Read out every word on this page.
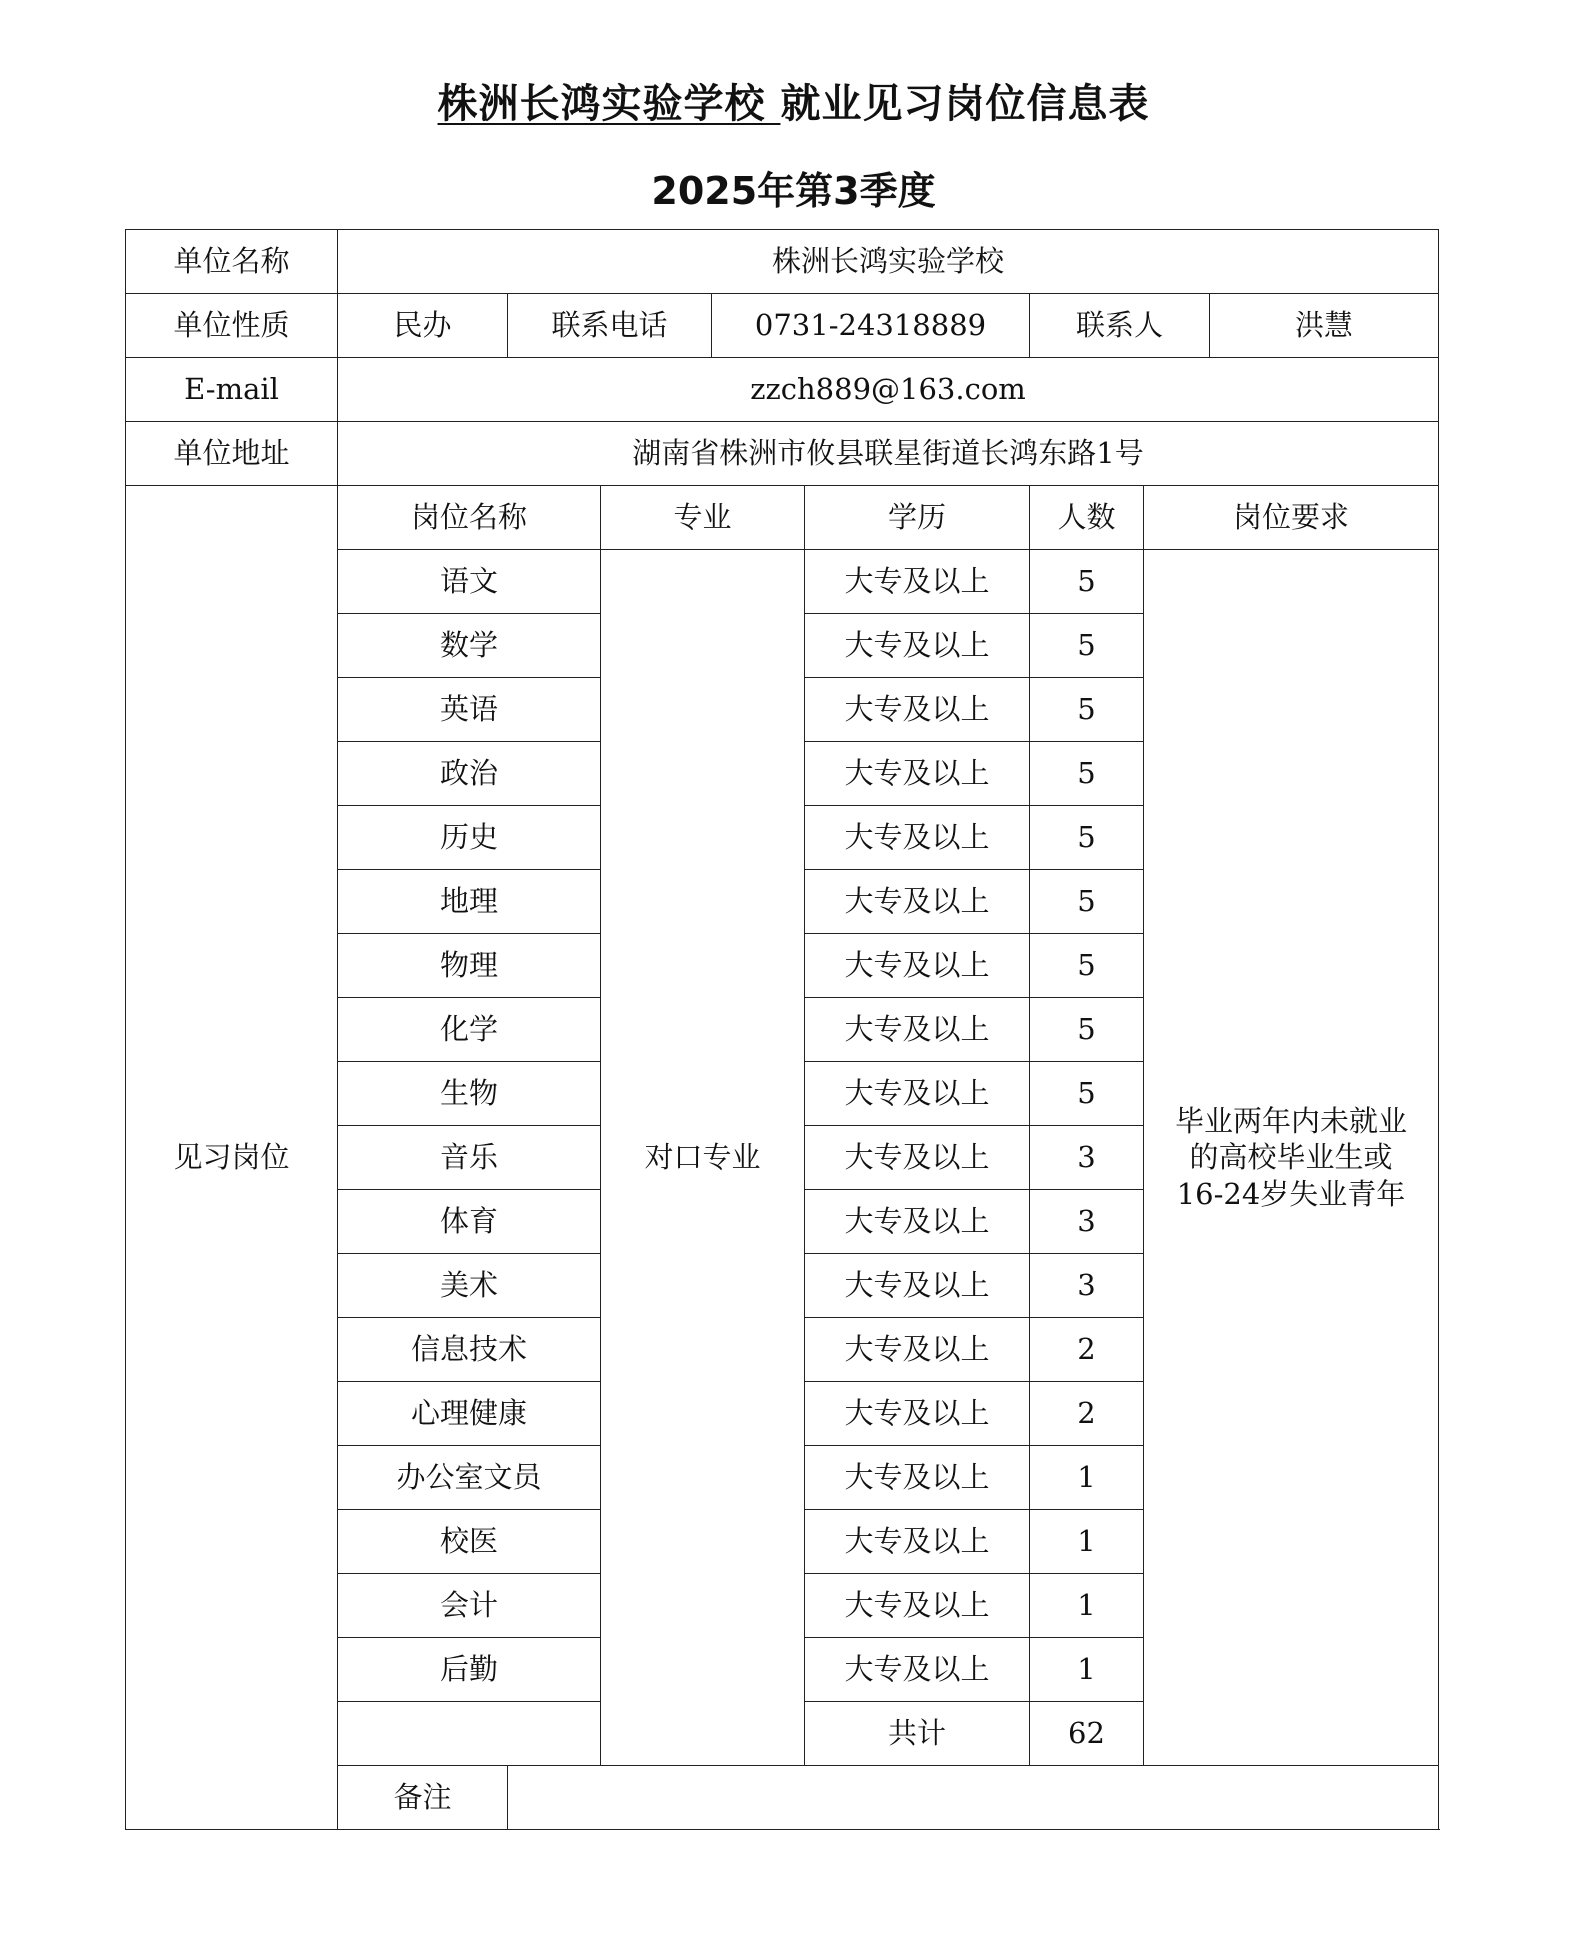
株洲长鸿实验学校 就业见习岗位信息表
2025年第3季度
单位名称	株洲长鸿实验学校							
单位性质	民办	联系电话		0731-24318889		联系人		洪慧
E-mail	zzch889@163.com							
单位地址	湖南省株洲市攸县联星街道长鸿东路1号							
见习岗位	岗位名称		专业		学历	人数	岗位要求	
	语文		对口专业		大专及以上	5	毕业两年内未就业
的高校毕业生或
16-24岁失业青年	

	数学				大专及以上	5		
	英语				大专及以上	5		
	政治				大专及以上	5		
	历史				大专及以上	5		
	地理				大专及以上	5		
	物理				大专及以上	5		
	化学				大专及以上	5		
	生物				大专及以上	5		
	音乐				大专及以上	3		
	体育				大专及以上	3		
	美术				大专及以上	3		
	信息技术				大专及以上	2		
	心理健康				大专及以上	2		
	办公室文员				大专及以上	1		
	校医				大专及以上	1		
	会计				大专及以上	1		
	后勤				大专及以上	1		
					共计	62		
	备注							
